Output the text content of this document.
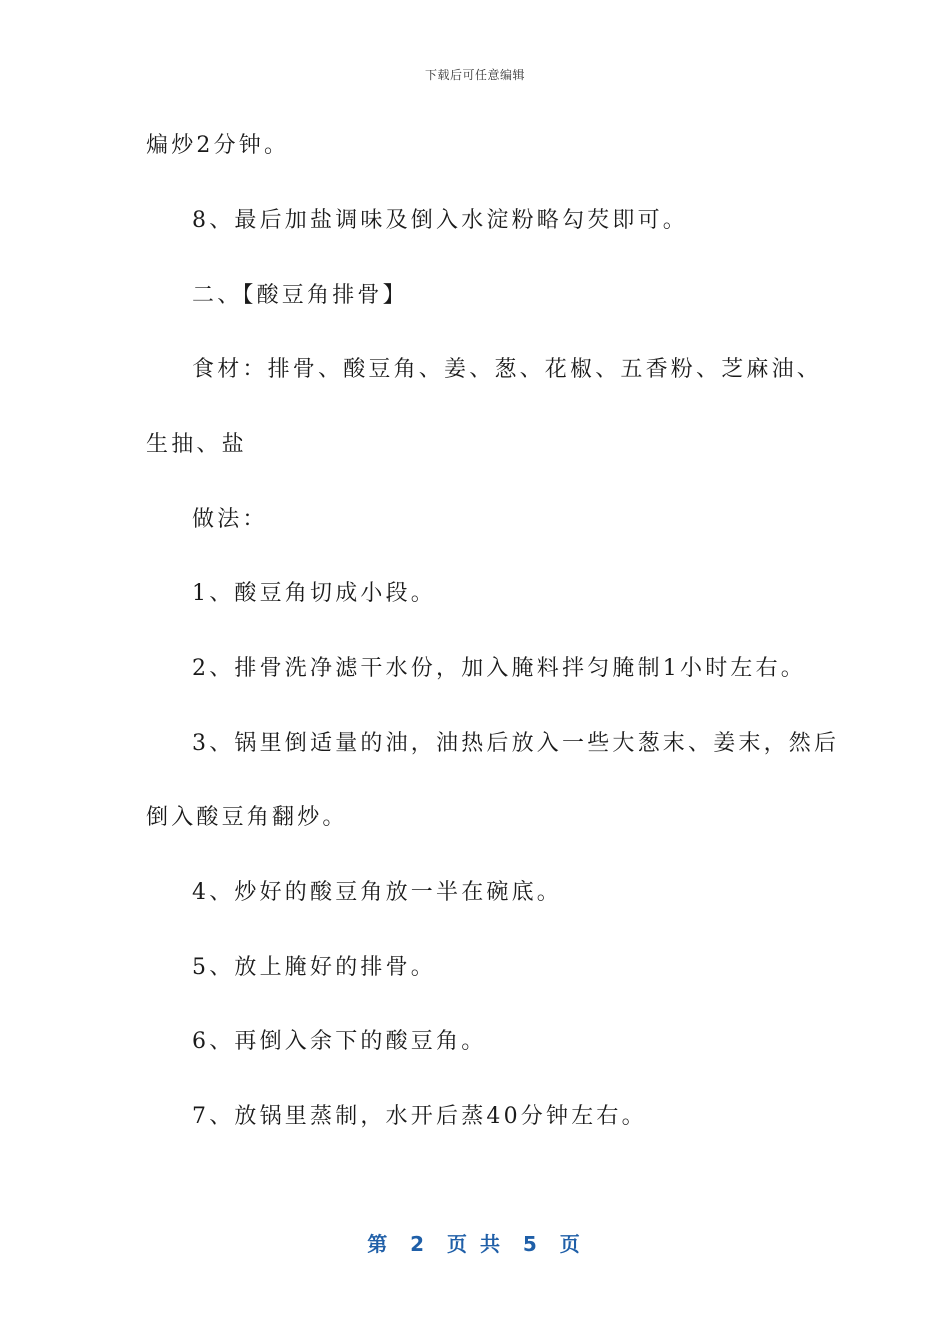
下载后可任意编辑
煸炒2分钟。
8、最后加盐调味及倒入水淀粉略勾芡即可。
二、【酸豆角排骨】
食材：排骨、酸豆角、姜、葱、花椒、五香粉、芝麻油、
生抽、盐
做法：
1、酸豆角切成小段。
2、排骨洗净滤干水份，加入腌料拌匀腌制1小时左右。
3、锅里倒适量的油，油热后放入一些大葱末、姜末，然后
倒入酸豆角翻炒。
4、炒好的酸豆角放一半在碗底。
5、放上腌好的排骨。
6、再倒入余下的酸豆角。
7、放锅里蒸制，水开后蒸40分钟左右。
第  2  页 共  5  页
